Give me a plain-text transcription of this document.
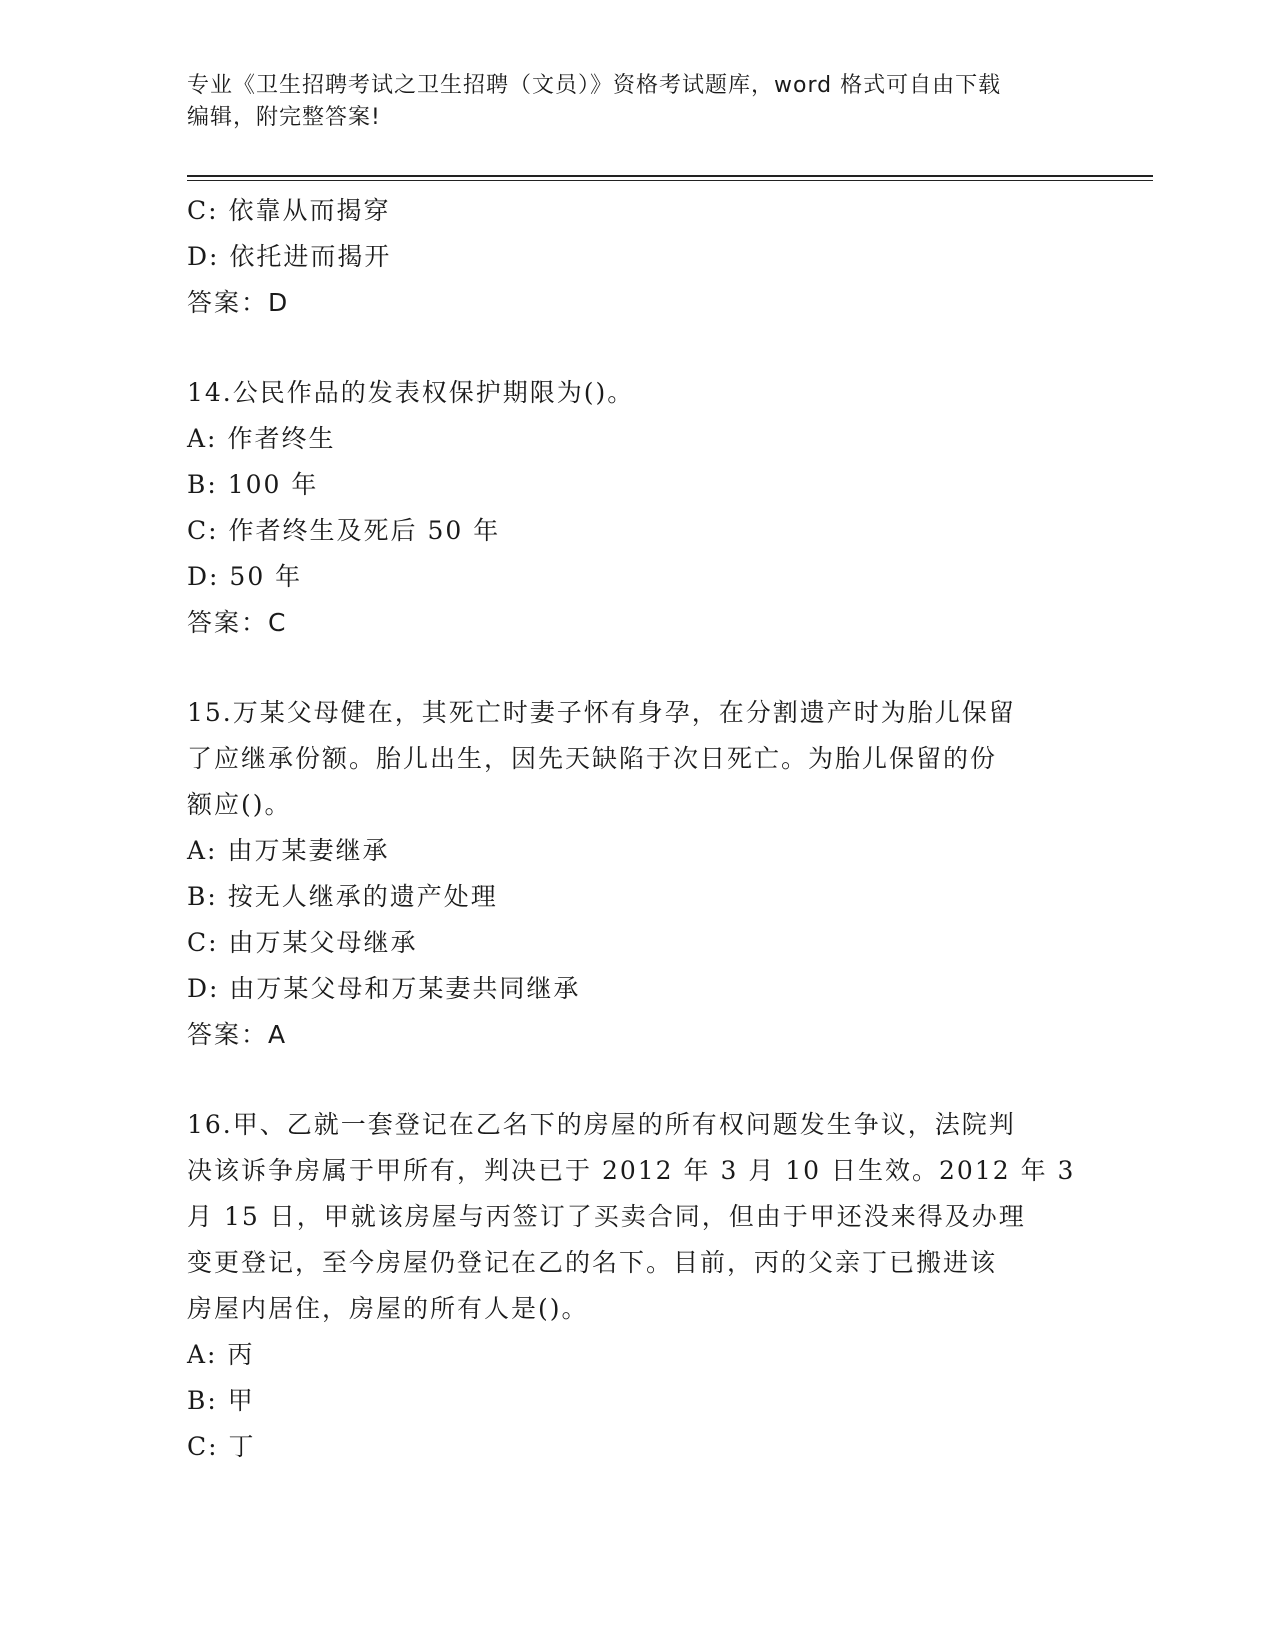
专业《卫生招聘考试之卫生招聘（文员）》资格考试题库，word 格式可自由下载
编辑，附完整答案!
C: 依靠从而揭穿
D: 依托进而揭开
答案：D
14.公民作品的发表权保护期限为()。
A: 作者终生
B: 100 年
C: 作者终生及死后 50 年
D: 50 年
答案：C
15.万某父母健在，其死亡时妻子怀有身孕，在分割遗产时为胎儿保留
了应继承份额。胎儿出生，因先天缺陷于次日死亡。为胎儿保留的份
额应()。
A: 由万某妻继承
B: 按无人继承的遗产处理
C: 由万某父母继承
D: 由万某父母和万某妻共同继承
答案：A
16.甲、乙就一套登记在乙名下的房屋的所有权问题发生争议，法院判
决该诉争房属于甲所有，判决已于 2012 年 3 月 10 日生效。2012 年 3
月 15 日，甲就该房屋与丙签订了买卖合同，但由于甲还没来得及办理
变更登记，至今房屋仍登记在乙的名下。目前，丙的父亲丁已搬进该
房屋内居住，房屋的所有人是()。
A: 丙
B: 甲
C: 丁
